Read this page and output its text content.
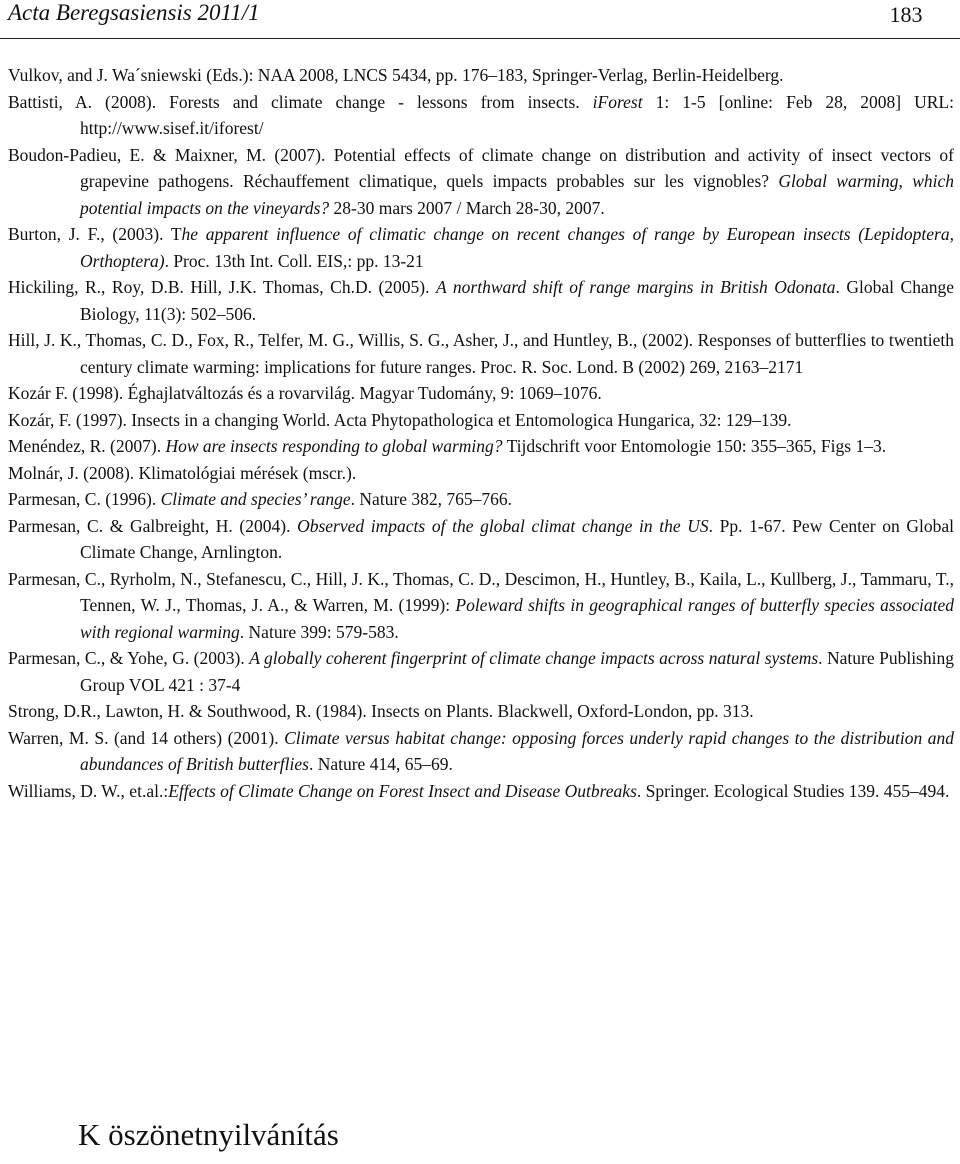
Acta Beregsasiensis 2011/1	183
Vulkov, and J. Wa´sniewski (Eds.): NAA 2008, LNCS 5434, pp. 176–183, Springer-Verlag, Berlin-Heidelberg.
Battisti, A. (2008). Forests and climate change - lessons from insects. iForest 1: 1-5 [online: Feb 28, 2008] URL: http://www.sisef.it/iforest/
Boudon-Padieu, E. & Maixner, M. (2007). Potential effects of climate change on distribution and activity of insect vectors of grapevine pathogens. Réchauffement climatique, quels impacts probables sur les vignobles? Global warming, which potential impacts on the vineyards? 28-30 mars 2007 / March 28-30, 2007.
Burton, J. F., (2003). The apparent influence of climatic change on recent changes of range by European insects (Lepidoptera, Orthoptera). Proc. 13th Int. Coll. EIS,: pp. 13-21
Hickiling, R., Roy, D.B. Hill, J.K. Thomas, Ch.D. (2005). A northward shift of range margins in British Odonata. Global Change Biology, 11(3): 502–506.
Hill, J. K., Thomas, C. D., Fox, R., Telfer, M. G., Willis, S. G., Asher, J., and Huntley, B., (2002). Responses of butterflies to twentieth century climate warming: implications for future ranges. Proc. R. Soc. Lond. B (2002) 269, 2163–2171
Kozár F. (1998). Éghajlatváltozás és a rovarvilág. Magyar Tudomány, 9: 1069–1076.
Kozár, F. (1997). Insects in a changing World. Acta Phytopathologica et Entomologica Hungarica, 32: 129–139.
Menéndez, R. (2007). How are insects responding to global warming? Tijdschrift voor Entomologie 150: 355–365, Figs 1–3.
Molnár, J. (2008). Klimatológiai mérések (mscr.).
Parmesan, C. (1996). Climate and species’ range. Nature 382, 765–766.
Parmesan, C. & Galbreight, H. (2004). Observed impacts of the global climat change in the US. Pp. 1-67. Pew Center on Global Climate Change, Arnlington.
Parmesan, C., Ryrholm, N., Stefanescu, C., Hill, J. K., Thomas, C. D., Descimon, H., Huntley, B., Kaila, L., Kullberg, J., Tammaru, T., Tennen, W. J., Thomas, J. A., & Warren, M. (1999): Poleward shifts in geographical ranges of butterfly species associated with regional warming. Nature 399: 579-583.
Parmesan, C., & Yohe, G. (2003). A globally coherent fingerprint of climate change impacts across natural systems. Nature Publishing Group VOL 421 : 37-4
Strong, D.R., Lawton, H. & Southwood, R. (1984). Insects on Plants. Blackwell, Oxford-London, pp. 313.
Warren, M. S. (and 14 others) (2001). Climate versus habitat change: opposing forces underly rapid changes to the distribution and abundances of British butterflies. Nature 414, 65–69.
Williams, D. W., et.al.:Effects of Climate Change on Forest Insect and Disease Outbreaks. Springer. Ecological Studies 139. 455–494.
K öszönetnyilvánítás
